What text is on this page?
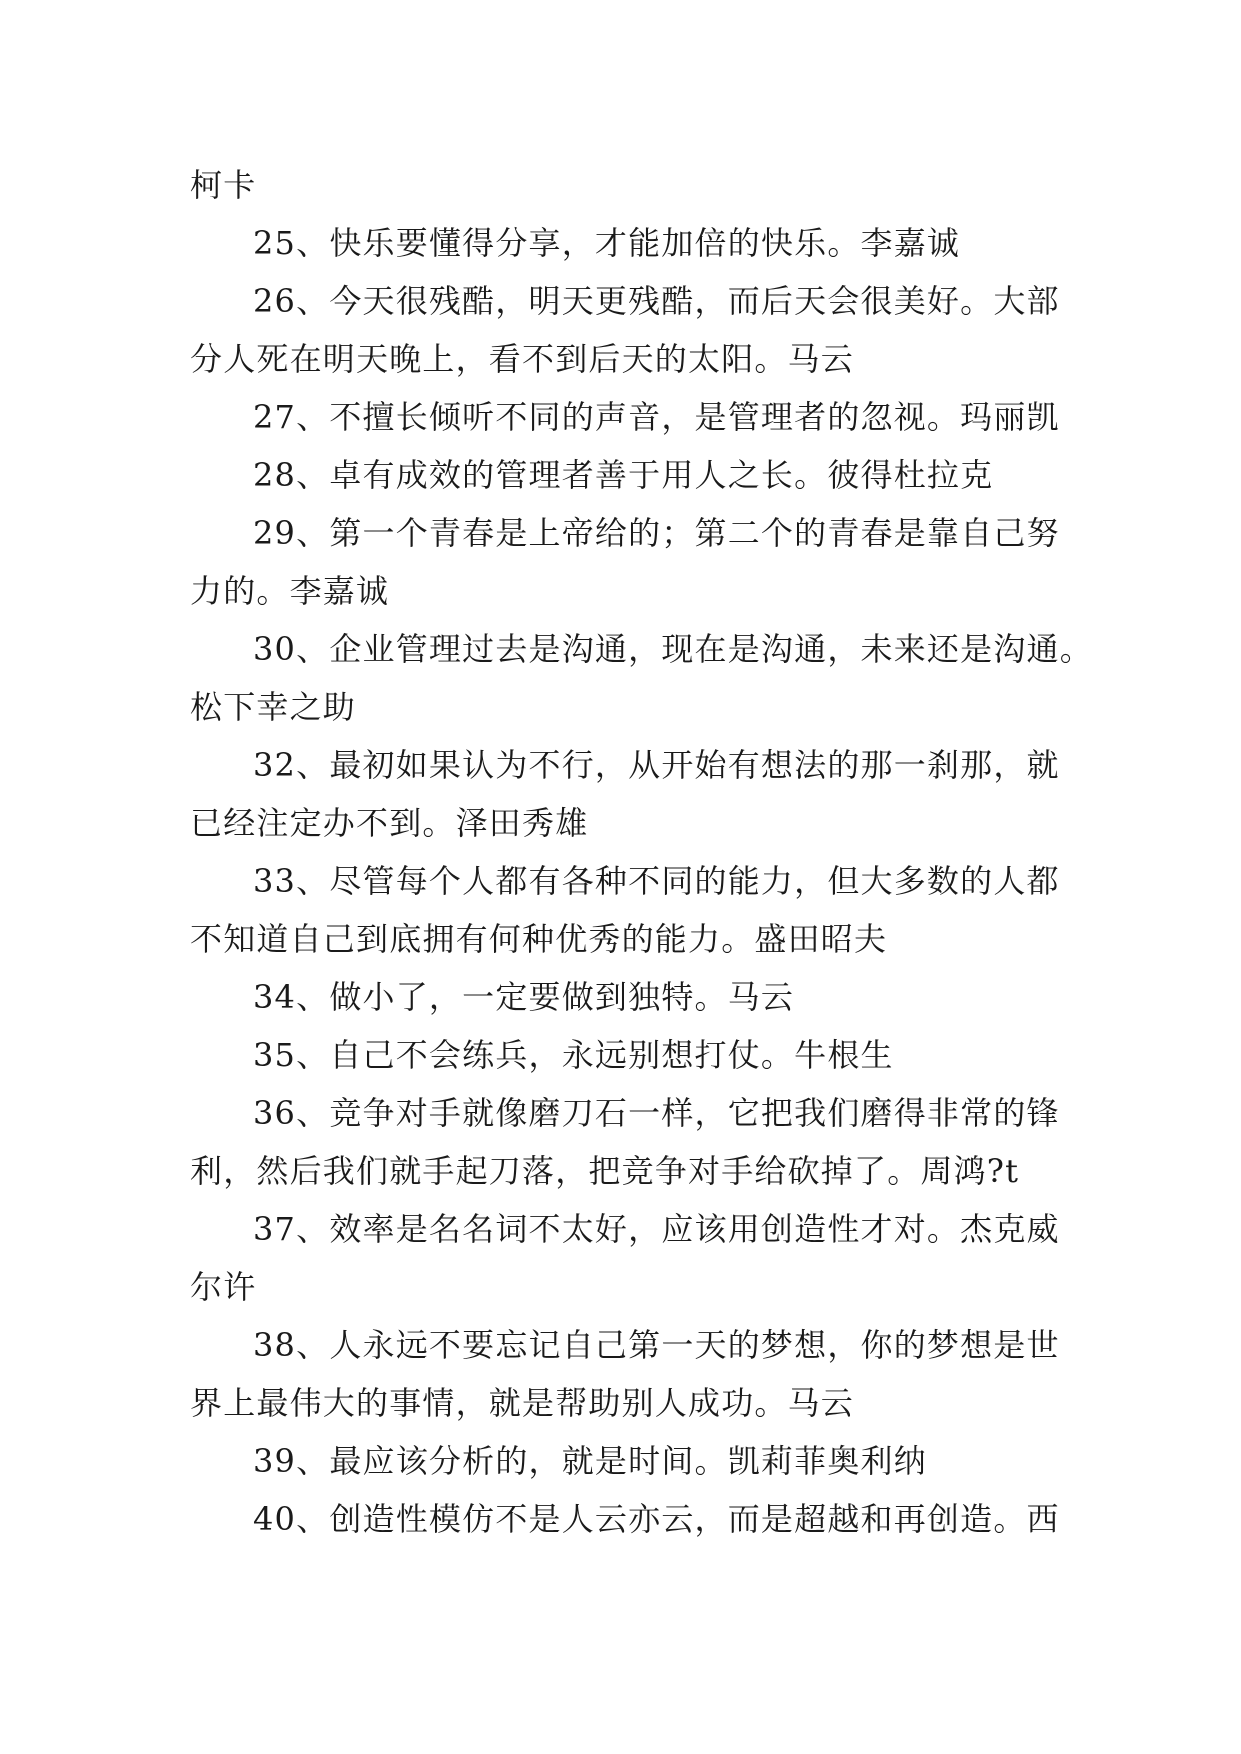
柯卡
25、快乐要懂得分享，才能加倍的快乐。李嘉诚
26、今天很残酷，明天更残酷，而后天会很美好。大部
分人死在明天晚上，看不到后天的太阳。马云
27、不擅长倾听不同的声音，是管理者的忽视。玛丽凯
28、卓有成效的管理者善于用人之长。彼得杜拉克
29、第一个青春是上帝给的；第二个的青春是靠自己努
力的。李嘉诚
30、企业管理过去是沟通，现在是沟通，未来还是沟通。
松下幸之助
32、最初如果认为不行，从开始有想法的那一刹那，就
已经注定办不到。泽田秀雄
33、尽管每个人都有各种不同的能力，但大多数的人都
不知道自己到底拥有何种优秀的能力。盛田昭夫
34、做小了，一定要做到独特。马云
35、自己不会练兵，永远别想打仗。牛根生
36、竞争对手就像磨刀石一样，它把我们磨得非常的锋
利，然后我们就手起刀落，把竞争对手给砍掉了。周鸿?t
37、效率是名名词不太好，应该用创造性才对。杰克威
尔许
38、人永远不要忘记自己第一天的梦想，你的梦想是世
界上最伟大的事情，就是帮助别人成功。马云
39、最应该分析的，就是时间。凯莉菲奥利纳
40、创造性模仿不是人云亦云，而是超越和再创造。西
